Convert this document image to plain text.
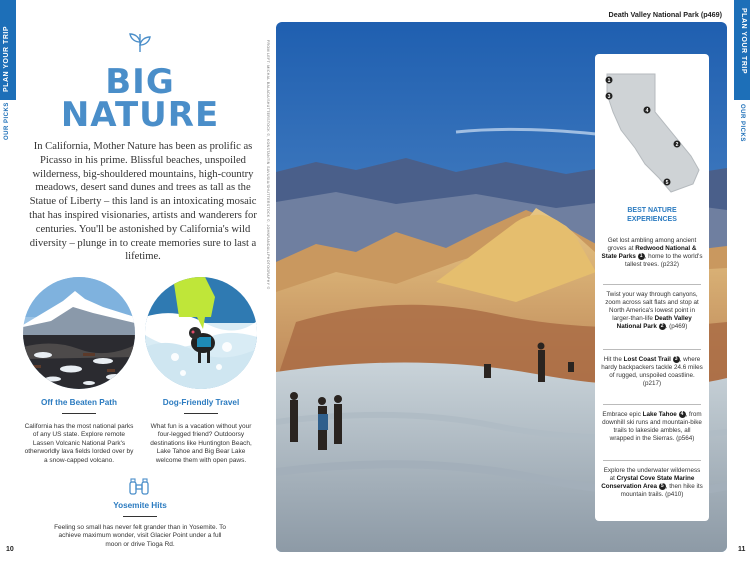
PLAN YOUR TRIP
OUR PICKS
BIG
NATURE

In California, Mother Nature has been as prolific as Picasso in his prime. Blissful beaches, unspoiled wilderness, big-shouldered mountains, high-country meadows, desert sand dunes and trees as tall as the Statue of Liberty – this land is an intoxicating mosaic that has inspired visionaries, artists and wanderers for centuries. You'll be astonished by California's wild diversity – plunge in to create memories sure to last a lifetime.

Off the Beaten Path

California has the most national parks of any US state. Explore remote Lassen Volcanic National Park's otherworldly lava fields lorded over by a snow-capped volcano.

Dog-Friendly Travel

What fun is a vacation without your four-legged friend? Outdoorsy destinations like Huntington Beach, Lake Tahoe and Big Bear Lake welcome them with open paws.

Yosemite Hits

Feeling so small has never felt grander than in Yosemite. To achieve maximum wonder, visit Glacier Point under a full moon or drive Tioga Rd.

10
FROM LEFT: MICHAL BALADA/SHUTTERSTOCK ©, KONSTANTIN SAVUSIA/SHUTTERSTOCK ©, JOHNRANDALLPHOTOGRAPHY ©
Death Valley National Park (p469)
1
3
4
2
5
BEST NATURE
EXPERIENCES

Get lost ambling among ancient groves at Redwood National & State Parks 1 , home to the world's tallest trees. (p232)

Twist your way through canyons, zoom across salt flats and stop at North America's lowest point in larger-than-life Death Valley National Park 2 . (p469)

Hit the Lost Coast Trail 3 , where hardy backpackers tackle 24.6 miles of rugged, unspoiled coastline. (p217)

Embrace epic Lake Tahoe 4 , from downhill ski runs and mountain-bike trails to lakeside ambles, all wrapped in the Sierras. (p564)

Explore the underwater wilderness at Crystal Cove State Marine Conservation Area 5 , then hike its mountain trails. (p410)

PLAN YOUR TRIP
OUR PICKS
11
